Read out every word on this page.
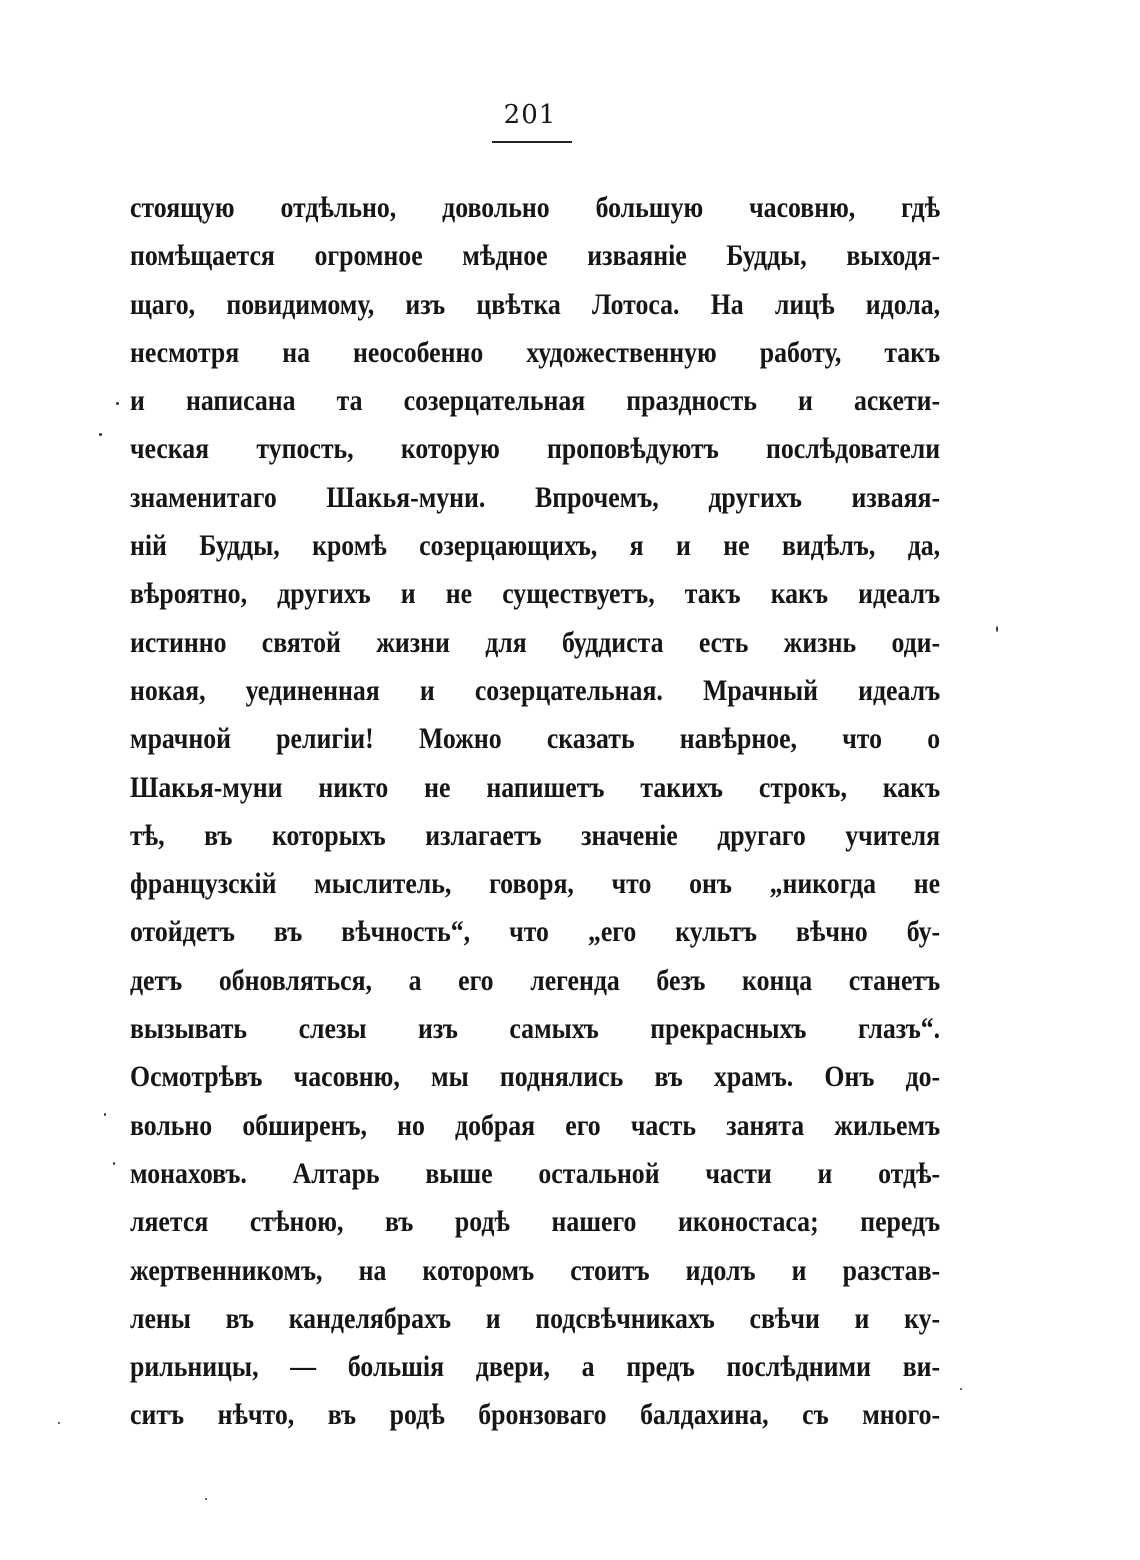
201
стоящую отдѣльно, довольно большую часовню, гдѣ
помѣщается огромное мѣдное изваяніе Будды, выходя-
щаго, повидимому, изъ цвѣтка Лотоса. На лицѣ идола,
несмотря на неособенно художественную работу, такъ
и написана та созерцательная праздность и аскети-
ческая тупость, которую проповѣдуютъ послѣдователи
знаменитаго Шакья-муни. Впрочемъ, другихъ изваяя-
ній Будды, кромѣ созерцающихъ, я и не видѣлъ, да,
вѣроятно, другихъ и не существуетъ, такъ какъ идеалъ
истинно святой жизни для буддиста есть жизнь оди-
нокая, уединенная и созерцательная. Мрачный идеалъ
мрачной религіи! Можно сказать навѣрное, что о
Шакья-муни никто не напишетъ такихъ строкъ, какъ
тѣ, въ которыхъ излагаетъ значеніе другаго учителя
французскій мыслитель, говоря, что онъ „никогда не
отойдетъ въ вѣчность“, что „его культъ вѣчно бу-
детъ обновляться, а его легенда безъ конца станетъ
вызывать слезы изъ самыхъ прекрасныхъ глазъ“.
Осмотрѣвъ часовню, мы поднялись въ храмъ. Онъ до-
вольно обширенъ, но добрая его часть занята жильемъ
монаховъ. Алтарь выше остальной части и отдѣ-
ляется стѣною, въ родѣ нашего иконостаса; передъ
жертвенникомъ, на которомъ стоитъ идолъ и разстав-
лены въ канделябрахъ и подсвѣчникахъ свѣчи и ку-
рильницы, — большія двери, а предъ послѣдними ви-
ситъ нѣчто, въ родѣ бронзоваго балдахина, съ много-
